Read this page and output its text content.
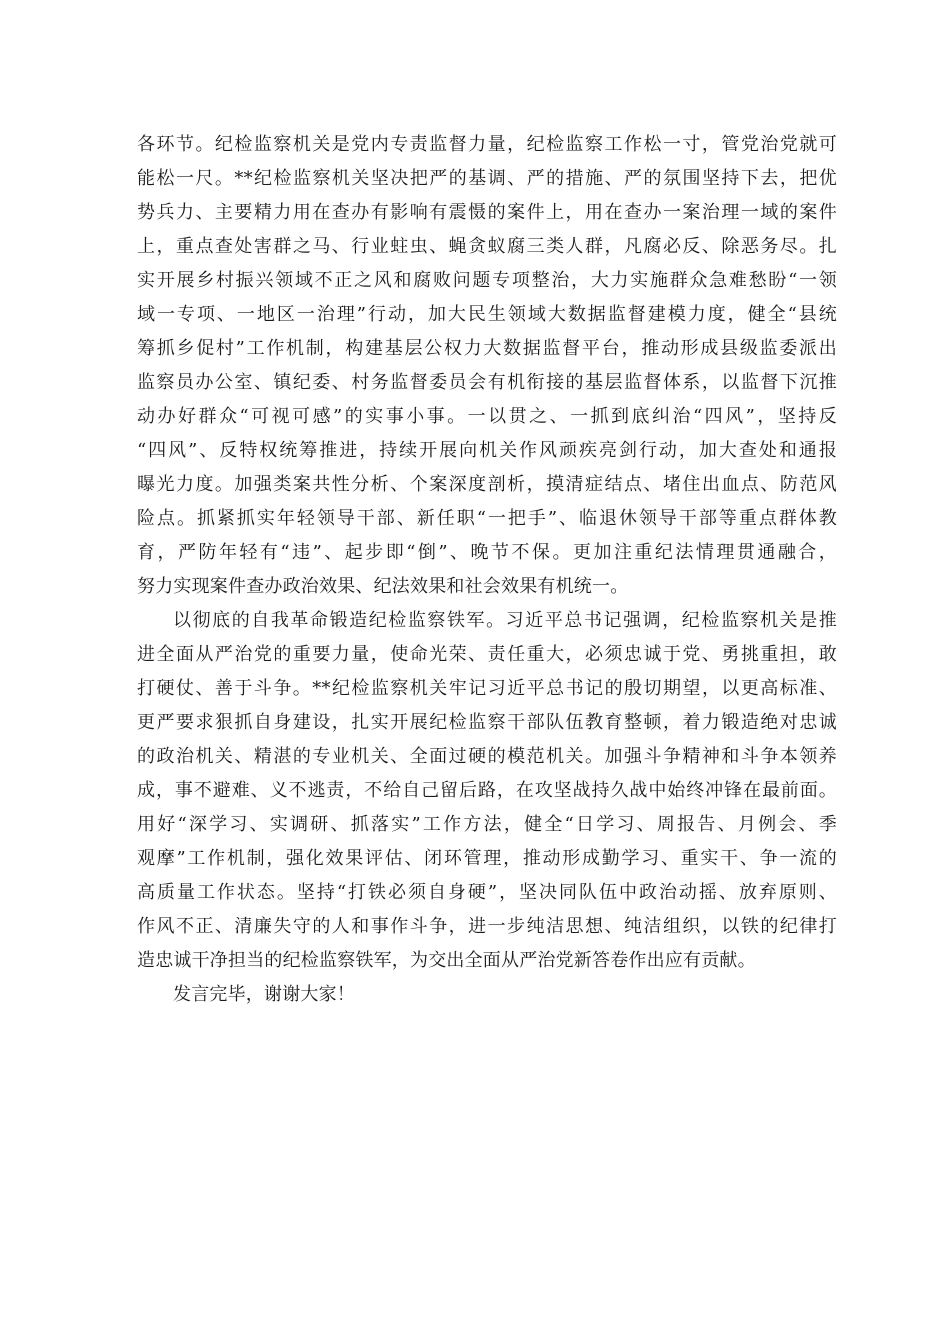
各环节。纪检监察机关是党内专责监督力量，纪检监察工作松一寸，管党治党就可
能松一尺。**纪检监察机关坚决把严的基调、严的措施、严的氛围坚持下去，把优
势兵力、主要精力用在查办有影响有震慑的案件上，用在查办一案治理一域的案件
上，重点查处害群之马、行业蛀虫、蝇贪蚁腐三类人群，凡腐必反、除恶务尽。扎
实开展乡村振兴领域不正之风和腐败问题专项整治，大力实施群众急难愁盼“一领
域一专项、一地区一治理”行动，加大民生领域大数据监督建模力度，健全“县统
筹抓乡促村”工作机制，构建基层公权力大数据监督平台，推动形成县级监委派出
监察员办公室、镇纪委、村务监督委员会有机衔接的基层监督体系，以监督下沉推
动办好群众“可视可感”的实事小事。一以贯之、一抓到底纠治“四风”，坚持反
“四风”、反特权统筹推进，持续开展向机关作风顽疾亮剑行动，加大查处和通报
曝光力度。加强类案共性分析、个案深度剖析，摸清症结点、堵住出血点、防范风
险点。抓紧抓实年轻领导干部、新任职“一把手”、临退休领导干部等重点群体教
育，严防年轻有“违”、起步即“倒”、晚节不保。更加注重纪法情理贯通融合，
努力实现案件查办政治效果、纪法效果和社会效果有机统一。
以彻底的自我革命锻造纪检监察铁军。习近平总书记强调，纪检监察机关是推
进全面从严治党的重要力量，使命光荣、责任重大，必须忠诚于党、勇挑重担，敢
打硬仗、善于斗争。**纪检监察机关牢记习近平总书记的殷切期望，以更高标准、
更严要求狠抓自身建设，扎实开展纪检监察干部队伍教育整顿，着力锻造绝对忠诚
的政治机关、精湛的专业机关、全面过硬的模范机关。加强斗争精神和斗争本领养
成，事不避难、义不逃责，不给自己留后路，在攻坚战持久战中始终冲锋在最前面。
用好“深学习、实调研、抓落实”工作方法，健全“日学习、周报告、月例会、季
观摩”工作机制，强化效果评估、闭环管理，推动形成勤学习、重实干、争一流的
高质量工作状态。坚持“打铁必须自身硬”，坚决同队伍中政治动摇、放弃原则、
作风不正、清廉失守的人和事作斗争，进一步纯洁思想、纯洁组织，以铁的纪律打
造忠诚干净担当的纪检监察铁军，为交出全面从严治党新答卷作出应有贡献。
发言完毕，谢谢大家！
